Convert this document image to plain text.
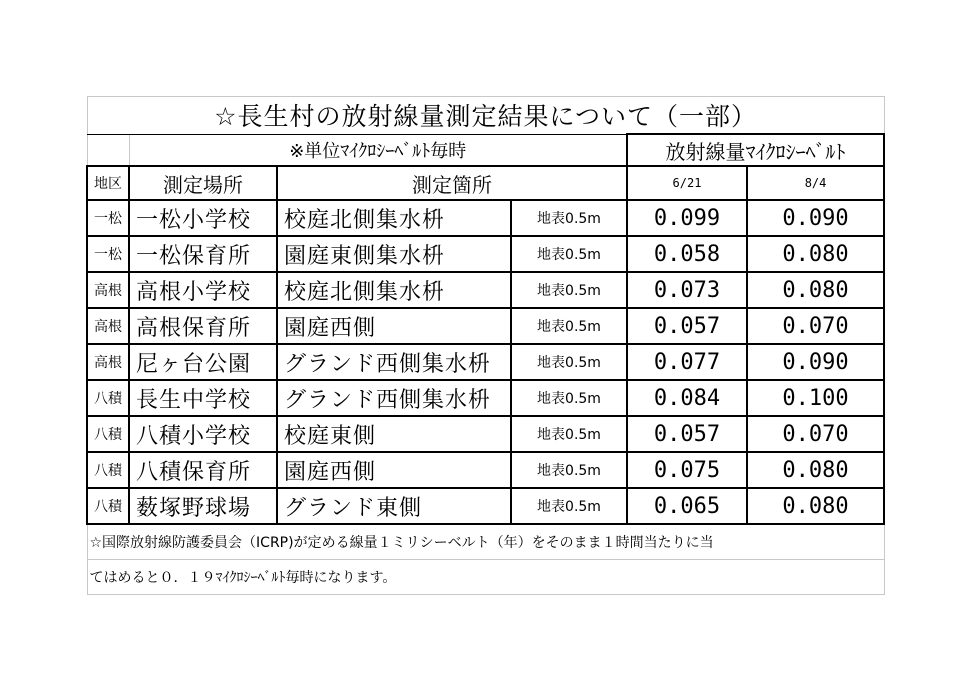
☆長生村の放射線量測定結果について（一部）					
	※単位ﾏｲｸﾛｼｰﾍﾞﾙﾄ毎時			放射線量ﾏｲｸﾛｼｰﾍﾞﾙﾄ	
地区	測定場所	測定箇所		6/21	8/4
一松	一松小学校	校庭北側集水枡	地表0.5m	0.099	0.090
一松	一松保育所	園庭東側集水枡	地表0.5m	0.058	0.080
高根	高根小学校	校庭北側集水枡	地表0.5m	0.073	0.080
高根	高根保育所	園庭西側	地表0.5m	0.057	0.070
高根	尼ヶ台公園	グランド西側集水枡	地表0.5m	0.077	0.090
八積	長生中学校	グランド西側集水枡	地表0.5m	0.084	0.100
八積	八積小学校	校庭東側	地表0.5m	0.057	0.070
八積	八積保育所	園庭西側	地表0.5m	0.075	0.080
八積	薮塚野球場	グランド東側	地表0.5m	0.065	0.080
☆国際放射線防護委員会（ICRP)が定める線量１ミリシーベルト（年）をそのまま１時間当たりに当					
てはめると０．１９ﾏｲｸﾛｼｰﾍﾞﾙﾄ毎時になります。					
